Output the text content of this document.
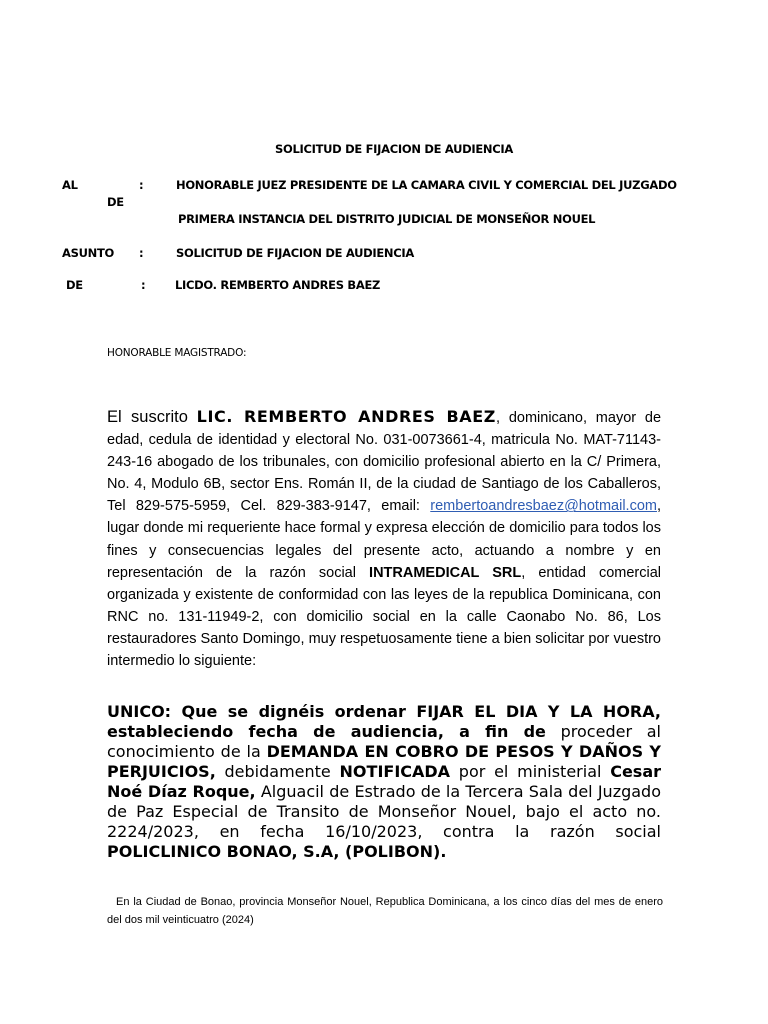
SOLICITUD DE FIJACION DE AUDIENCIA
AL	:	HONORABLE JUEZ PRESIDENTE DE LA CAMARA CIVIL Y COMERCIAL DEL JUZGADO
DE
PRIMERA INSTANCIA DEL DISTRITO JUDICIAL DE MONSEÑOR NOUEL
ASUNTO :	SOLICITUD DE FIJACION DE AUDIENCIA
DE	:	LICDO. REMBERTO ANDRES BAEZ
HONORABLE MAGISTRADO:
El suscrito LIC. REMBERTO ANDRES BAEZ, dominicano, mayor de edad, cedula de identidad y electoral No. 031-0073661-4, matricula No. MAT-71143-243-16 abogado de los tribunales, con domicilio profesional abierto en la C/ Primera, No. 4, Modulo 6B, sector Ens. Román II, de la ciudad de Santiago de los Caballeros, Tel 829-575-5959, Cel. 829-383-9147, email: rembertoandresbaez@hotmail.com, lugar donde mi requeriente hace formal y expresa elección de domicilio para todos los fines y consecuencias legales del presente acto, actuando a nombre y en representación de la razón social INTRAMEDICAL SRL, entidad comercial organizada y existente de conformidad con las leyes de la republica Dominicana, con RNC no. 131-11949-2, con domicilio social en la calle Caonabo No. 86, Los restauradores Santo Domingo, muy respetuosamente tiene a bien solicitar por vuestro intermedio lo siguiente:
UNICO: Que se dignéis ordenar FIJAR EL DIA Y LA HORA, estableciendo fecha de audiencia, a fin de proceder al conocimiento de la DEMANDA EN COBRO DE PESOS Y DAÑOS Y PERJUICIOS, debidamente NOTIFICADA por el ministerial Cesar Noé Díaz Roque, Alguacil de Estrado de la Tercera Sala del Juzgado de Paz Especial de Transito de Monseñor Nouel, bajo el acto no. 2224/2023, en fecha 16/10/2023, contra la razón social POLICLINICO BONAO, S.A, (POLIBON).
En la Ciudad de Bonao, provincia Monseñor Nouel, Republica Dominicana, a los cinco días del mes de enero del dos mil veinticuatro (2024)
